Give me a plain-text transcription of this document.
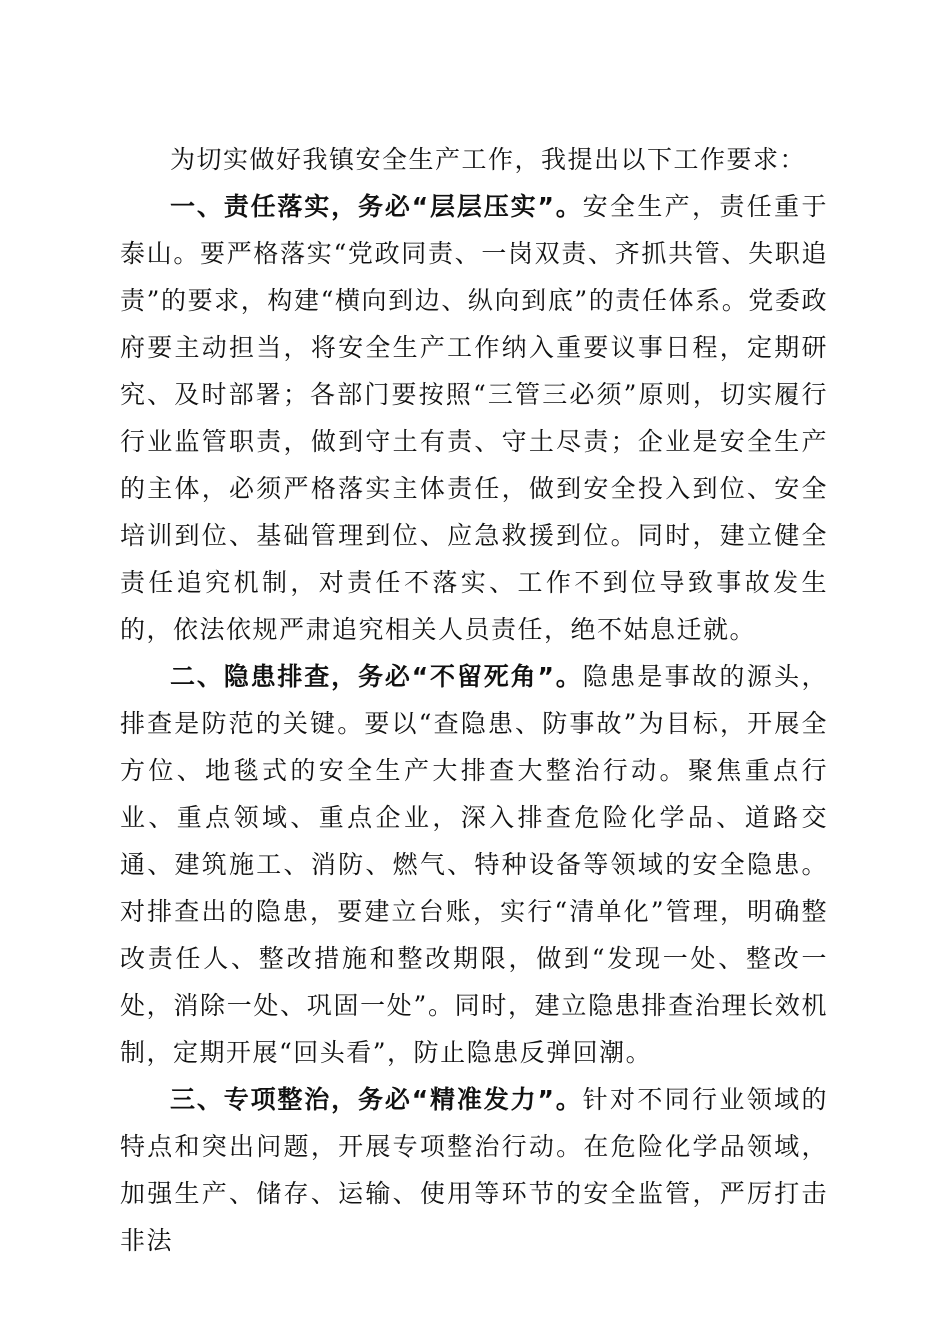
为切实做好我镇安全生产工作，我提出以下工作要求：

一、责任落实，务必“层层压实”。安全生产，责任重于泰山。要严格落实“党政同责、一岗双责、齐抓共管、失职追责”的要求，构建“横向到边、纵向到底”的责任体系。党委政府要主动担当，将安全生产工作纳入重要议事日程，定期研究、及时部署；各部门要按照“三管三必须”原则，切实履行行业监管职责，做到守土有责、守土尽责；企业是安全生产的主体，必须严格落实主体责任，做到安全投入到位、安全培训到位、基础管理到位、应急救援到位。同时，建立健全责任追究机制，对责任不落实、工作不到位导致事故发生的，依法依规严肃追究相关人员责任，绝不姑息迁就。

二、隐患排查，务必“不留死角”。隐患是事故的源头，排查是防范的关键。要以“查隐患、防事故”为目标，开展全方位、地毯式的安全生产大排查大整治行动。聚焦重点行业、重点领域、重点企业，深入排查危险化学品、道路交通、建筑施工、消防、燃气、特种设备等领域的安全隐患。对排查出的隐患，要建立台账，实行“清单化”管理，明确整改责任人、整改措施和整改期限，做到“发现一处、整改一处，消除一处、巩固一处”。同时，建立隐患排查治理长效机制，定期开展“回头看”，防止隐患反弹回潮。

三、专项整治，务必“精准发力”。针对不同行业领域的特点和突出问题，开展专项整治行动。在危险化学品领域，加强生产、储存、运输、使用等环节的安全监管，严厉打击非法
